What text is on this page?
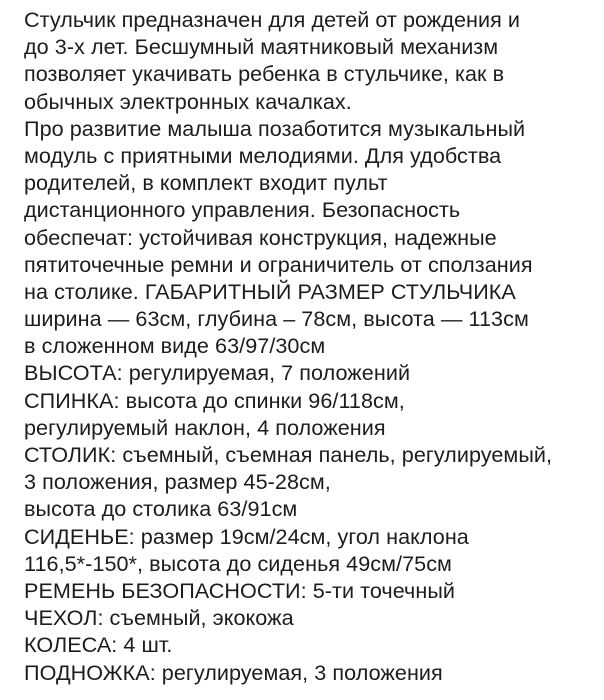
Стульчик предназначен для детей от рождения и
до 3-х лет. Бесшумный маятниковый механизм
позволяет укачивать ребенка в стульчике, как в
обычных электронных качалках.
Про развитие малыша позаботится музыкальный
модуль с приятными мелодиями. Для удобства
родителей, в комплект входит пульт
дистанционного управления. Безопасность
обеспечат: устойчивая конструкция, надежные
пятиточечные ремни и ограничитель от сползания
на столике. ГАБАРИТНЫЙ РАЗМЕР СТУЛЬЧИКА
ширина — 63см, глубина – 78см, высота — 113см
в сложенном виде 63/97/30см
ВЫСОТА: регулируемая, 7 положений
СПИНКА: высота до спинки 96/118см,
регулируемый наклон, 4 положения
СТОЛИК: съемный, съемная панель, регулируемый,
3 положения, размер 45-28см,
высота до столика 63/91см
СИДЕНЬЕ: размер 19см/24см, угол наклона
116,5*-150*, высота до сиденья 49см/75см
РЕМЕНЬ БЕЗОПАСНОСТИ: 5-ти точечный
ЧЕХОЛ: съемный, экокожа
КОЛЕСА: 4 шт.
ПОДНОЖКА: регулируемая, 3 положения
